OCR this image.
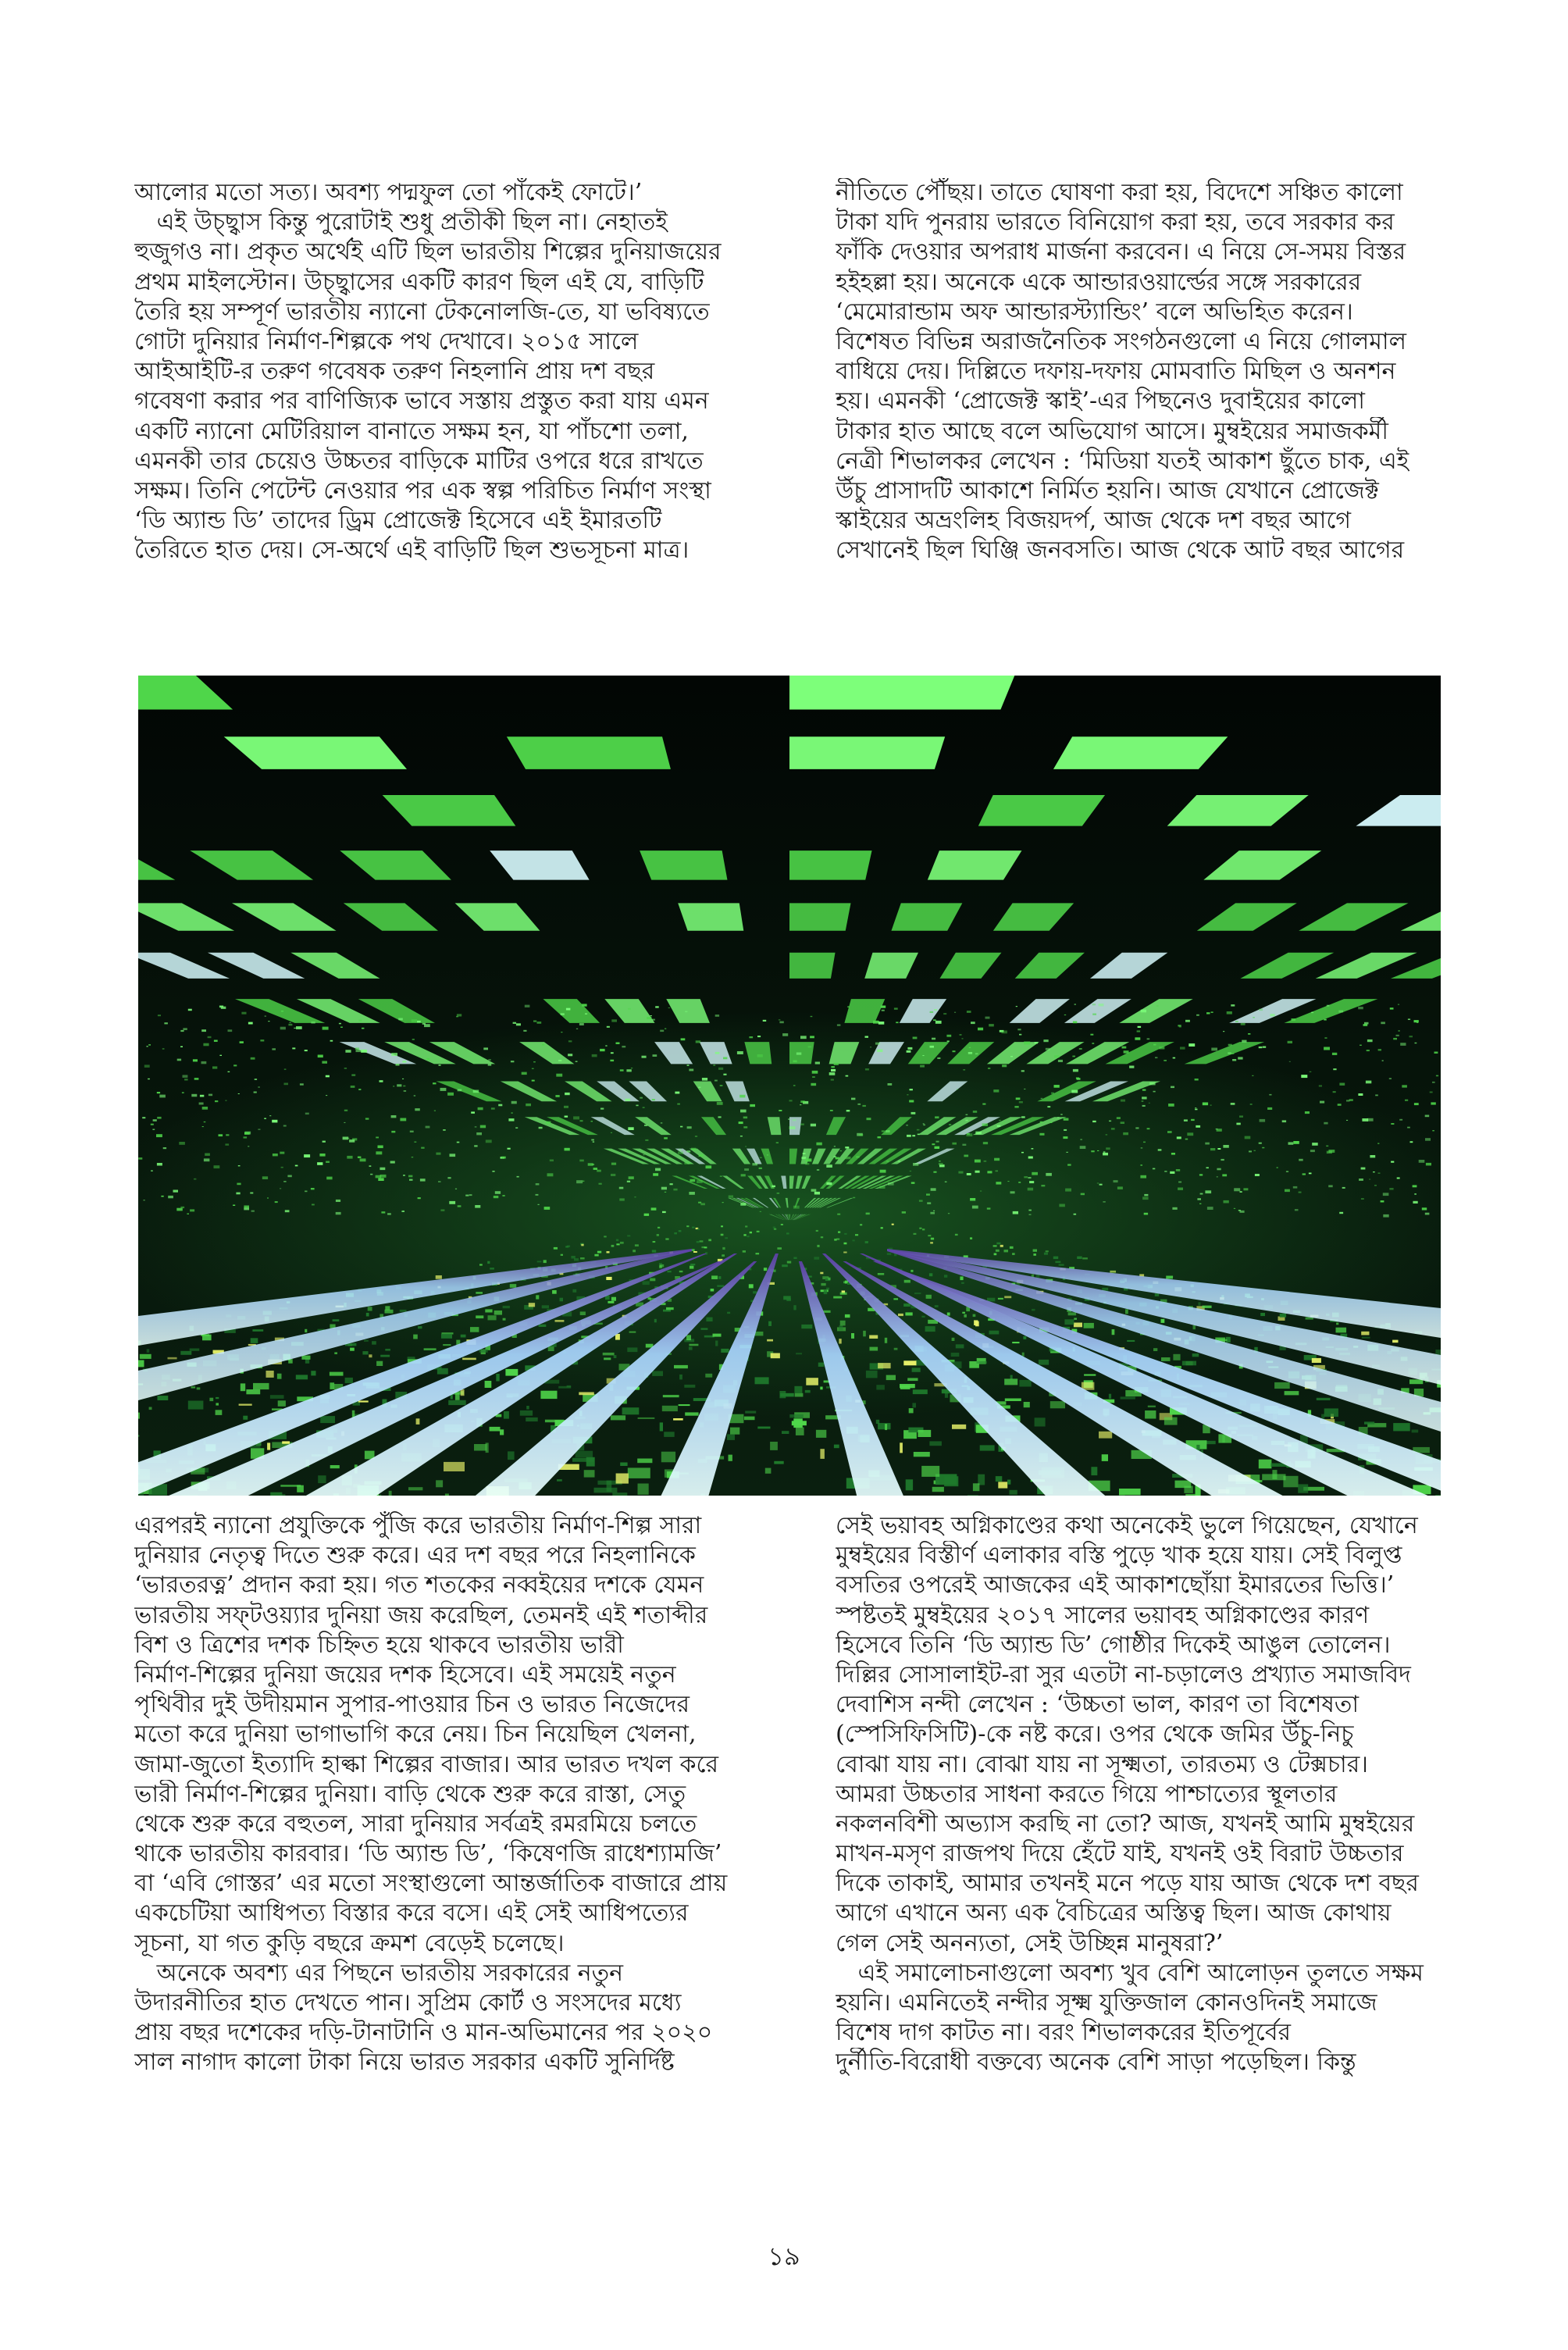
আলোর মতো সত্য। অবশ্য পদ্মফুল তো পাঁকেই ফোটে।’
এই উচ্ছ্বাস কিন্তু পুরোটাই শুধু প্রতীকী ছিল না। নেহাতই
হুজুগও না। প্রকৃত অর্থেই এটি ছিল ভারতীয় শিল্পের দুনিয়াজয়ের
প্রথম মাইলস্টোন। উচ্ছ্বাসের একটি কারণ ছিল এই যে, বাড়িটি
তৈরি হয় সম্পূর্ণ ভারতীয় ন্যানো টেকনোলজি-তে, যা ভবিষ্যতে
গোটা দুনিয়ার নির্মাণ-শিল্পকে পথ দেখাবে। ২০১৫ সালে
আইআইটি-র তরুণ গবেষক তরুণ নিহলানি প্রায় দশ বছর
গবেষণা করার পর বাণিজ্যিক ভাবে সস্তায় প্রস্তুত করা যায় এমন
একটি ন্যানো মেটিরিয়াল বানাতে সক্ষম হন, যা পাঁচশো তলা,
এমনকী তার চেয়েও উচ্চতর বাড়িকে মাটির ওপরে ধরে রাখতে
সক্ষম। তিনি পেটেন্ট নেওয়ার পর এক স্বল্প পরিচিত নির্মাণ সংস্থা
‘ডি অ্যান্ড ডি’ তাদের ড্রিম প্রোজেক্ট হিসেবে এই ইমারতটি
তৈরিতে হাত দেয়। সে-অর্থে এই বাড়িটি ছিল শুভসূচনা মাত্র।
নীতিতে পৌঁছয়। তাতে ঘোষণা করা হয়, বিদেশে সঞ্চিত কালো
টাকা যদি পুনরায় ভারতে বিনিয়োগ করা হয়, তবে সরকার কর
ফাঁকি দেওয়ার অপরাধ মার্জনা করবেন। এ নিয়ে সে-সময় বিস্তর
হইহল্লা হয়। অনেকে একে আন্ডারওয়ার্ল্ডের সঙ্গে সরকারের
‘মেমোরান্ডাম অফ আন্ডারস্ট্যান্ডিং’ বলে অভিহিত করেন।
বিশেষত বিভিন্ন অরাজনৈতিক সংগঠনগুলো এ নিয়ে গোলমাল
বাধিয়ে দেয়। দিল্লিতে দফায়-দফায় মোমবাতি মিছিল ও অনশন
হয়। এমনকী ‘প্রোজেক্ট স্কাই’-এর পিছনেও দুবাইয়ের কালো
টাকার হাত আছে বলে অভিযোগ আসে। মুম্বইয়ের সমাজকর্মী
নেত্রী শিভালকর লেখেন : ‘মিডিয়া যতই আকাশ ছুঁতে চাক, এই
উঁচু প্রাসাদটি আকাশে নির্মিত হয়নি। আজ যেখানে প্রোজেক্ট
স্কাইয়ের অভ্রংলিহ বিজয়দর্প, আজ থেকে দশ বছর আগে
সেখানেই ছিল ঘিঞ্জি জনবসতি। আজ থেকে আট বছর আগের
এরপরই ন্যানো প্রযুক্তিকে পুঁজি করে ভারতীয় নির্মাণ-শিল্প সারা
দুনিয়ার নেতৃত্ব দিতে শুরু করে। এর দশ বছর পরে নিহলানিকে
‘ভারতরত্ন’ প্রদান করা হয়। গত শতকের নব্বইয়ের দশকে যেমন
ভারতীয় সফ্‌টওয়্যার দুনিয়া জয় করেছিল, তেমনই এই শতাব্দীর
বিশ ও ত্রিশের দশক চিহ্নিত হয়ে থাকবে ভারতীয় ভারী
নির্মাণ-শিল্পের দুনিয়া জয়ের দশক হিসেবে। এই সময়েই নতুন
পৃথিবীর দুই উদীয়মান সুপার-পাওয়ার চিন ও ভারত নিজেদের
মতো করে দুনিয়া ভাগাভাগি করে নেয়। চিন নিয়েছিল খেলনা,
জামা-জুতো ইত্যাদি হাল্কা শিল্পের বাজার। আর ভারত দখল করে
ভারী নির্মাণ-শিল্পের দুনিয়া। বাড়ি থেকে শুরু করে রাস্তা, সেতু
থেকে শুরু করে বহুতল, সারা দুনিয়ার সর্বত্রই রমরমিয়ে চলতে
থাকে ভারতীয় কারবার। ‘ডি অ্যান্ড ডি’, ‘কিষেণজি রাধেশ্যামজি’
বা ‘এবি গোস্তর’ এর মতো সংস্থাগুলো আন্তর্জাতিক বাজারে প্রায়
একচেটিয়া আধিপত্য বিস্তার করে বসে। এই সেই আধিপত্যের
সূচনা, যা গত কুড়ি বছরে ক্রমশ বেড়েই চলেছে।
অনেকে অবশ্য এর পিছনে ভারতীয় সরকারের নতুন
উদারনীতির হাত দেখতে পান। সুপ্রিম কোর্ট ও সংসদের মধ্যে
প্রায় বছর দশেকের দড়ি-টানাটানি ও মান-অভিমানের পর ২০২০
সাল নাগাদ কালো টাকা নিয়ে ভারত সরকার একটি সুনির্দিষ্ট
সেই ভয়াবহ অগ্নিকাণ্ডের কথা অনেকেই ভুলে গিয়েছেন, যেখানে
মুম্বইয়ের বিস্তীর্ণ এলাকার বস্তি পুড়ে খাক হয়ে যায়। সেই বিলুপ্ত
বসতির ওপরেই আজকের এই আকাশছোঁয়া ইমারতের ভিত্তি।’
স্পষ্টতই মুম্বইয়ের ২০১৭ সালের ভয়াবহ অগ্নিকাণ্ডের কারণ
হিসেবে তিনি ‘ডি অ্যান্ড ডি’ গোষ্ঠীর দিকেই আঙুল তোলেন।
দিল্লির সোসালাইট-রা সুর এতটা না-চড়ালেও প্রখ্যাত সমাজবিদ
দেবাশিস নন্দী লেখেন : ‘উচ্চতা ভাল, কারণ তা বিশেষতা
(স্পেসিফিসিটি)-কে নষ্ট করে। ওপর থেকে জমির উঁচু-নিচু
বোঝা যায় না। বোঝা যায় না সূক্ষ্মতা, তারতম্য ও টেক্সচার।
আমরা উচ্চতার সাধনা করতে গিয়ে পাশ্চাত্যের স্থূলতার
নকলনবিশী অভ্যাস করছি না তো? আজ, যখনই আমি মুম্বইয়ের
মাখন-মসৃণ রাজপথ দিয়ে হেঁটে যাই, যখনই ওই বিরাট উচ্চতার
দিকে তাকাই, আমার তখনই মনে পড়ে যায় আজ থেকে দশ বছর
আগে এখানে অন্য এক বৈচিত্রের অস্তিত্ব ছিল। আজ কোথায়
গেল সেই অনন্যতা, সেই উচ্ছিন্ন মানুষরা?’
এই সমালোচনাগুলো অবশ্য খুব বেশি আলোড়ন তুলতে সক্ষম
হয়নি। এমনিতেই নন্দীর সূক্ষ্ম যুক্তিজাল কোনওদিনই সমাজে
বিশেষ দাগ কাটত না। বরং শিভালকরের ইতিপূর্বের
দুর্নীতি-বিরোধী বক্তব্যে অনেক বেশি সাড়া পড়েছিল। কিন্তু
১৯
